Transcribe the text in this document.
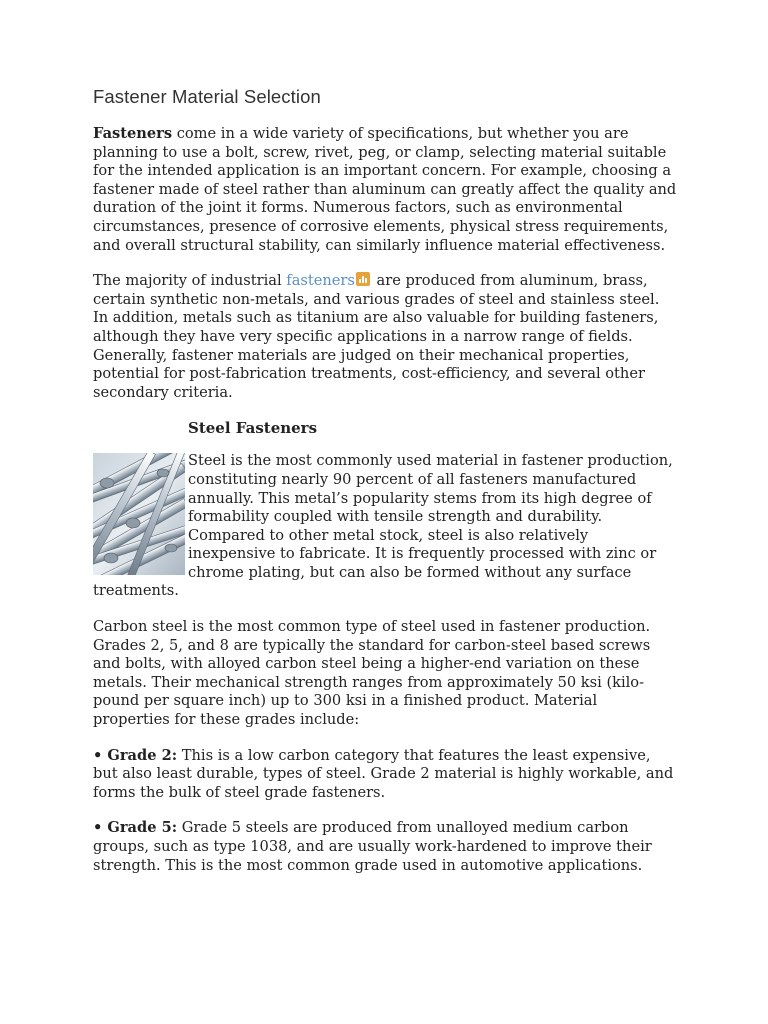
Fastener Material Selection

Fasteners come in a wide variety of specifications, but whether you are planning to use a bolt, screw, rivet, peg, or clamp, selecting material suitable for the intended application is an important concern. For example, choosing a fastener made of steel rather than aluminum can greatly affect the quality and duration of the joint it forms. Numerous factors, such as environmental circumstances, presence of corrosive elements, physical stress requirements, and overall structural stability, can similarly influence material effectiveness.

The majority of industrial fasteners
are produced from aluminum, brass, certain synthetic non-metals, and various grades of steel and stainless steel. In addition, metals such as titanium are also valuable for building fasteners, although they have very specific applications in a narrow range of fields. Generally, fastener materials are judged on their mechanical properties, potential for post-fabrication treatments, cost-efficiency, and several other secondary criteria.

Steel Fasteners

Steel is the most commonly used material in fastener production, constituting nearly 90 percent of all fasteners manufactured annually. This metal’s popularity stems from its high degree of formability coupled with tensile strength and durability. Compared to other metal stock, steel is also relatively inexpensive to fabricate. It is frequently processed with zinc or chrome plating, but can also be formed without any surface treatments.

Carbon steel is the most common type of steel used in fastener production. Grades 2, 5, and 8 are typically the standard for carbon-steel based screws and bolts, with alloyed carbon steel being a higher-end variation on these metals. Their mechanical strength ranges from approximately 50 ksi (kilo-pound per square inch) up to 300 ksi in a finished product. Material properties for these grades include:

• Grade 2: This is a low carbon category that features the least expensive, but also least durable, types of steel. Grade 2 material is highly workable, and forms the bulk of steel grade fasteners.

• Grade 5: Grade 5 steels are produced from unalloyed medium carbon groups, such as type 1038, and are usually work-hardened to improve their strength. This is the most common grade used in automotive applications.
